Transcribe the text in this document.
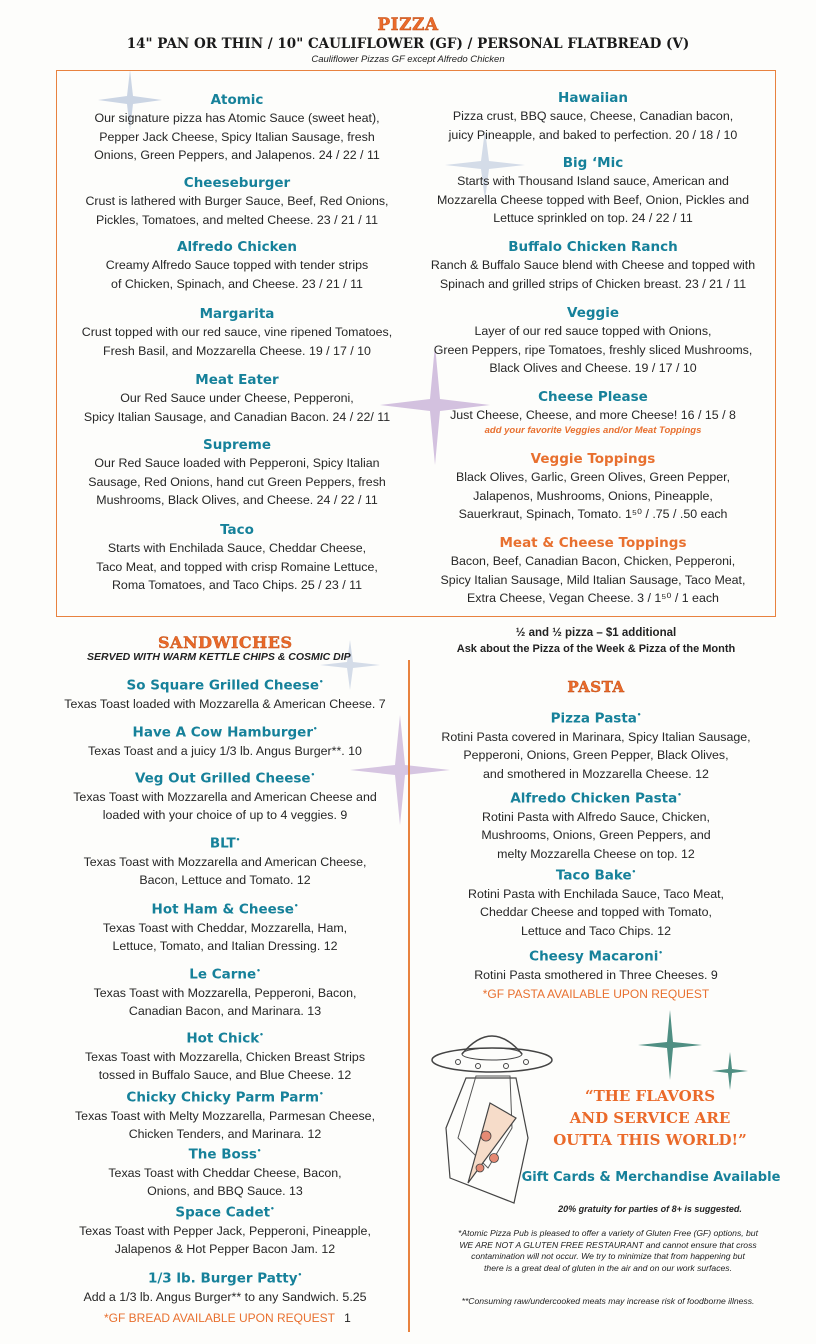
PIZZA
14" PAN OR THIN / 10" CAULIFLOWER (GF) / PERSONAL FLATBREAD (V)
Cauliflower Pizzas GF except Alfredo Chicken
Atomic
Our signature pizza has Atomic Sauce (sweet heat),
Pepper Jack Cheese, Spicy Italian Sausage, fresh
Onions, Green Peppers, and Jalapenos. 24 / 22 / 11
Cheeseburger
Crust is lathered with Burger Sauce, Beef, Red Onions,
Pickles, Tomatoes, and melted Cheese. 23 / 21 / 11
Alfredo Chicken
Creamy Alfredo Sauce topped with tender strips
of Chicken, Spinach, and Cheese. 23 / 21 / 11
Margarita
Crust topped with our red sauce, vine ripened Tomatoes,
Fresh Basil, and Mozzarella Cheese. 19 / 17 / 10
Meat Eater
Our Red Sauce under Cheese, Pepperoni,
Spicy Italian Sausage, and Canadian Bacon. 24 / 22/ 11
Supreme
Our Red Sauce loaded with Pepperoni, Spicy Italian
Sausage, Red Onions, hand cut Green Peppers, fresh
Mushrooms, Black Olives, and Cheese. 24 / 22 / 11
Taco
Starts with Enchilada Sauce, Cheddar Cheese,
Taco Meat, and topped with crisp Romaine Lettuce,
Roma Tomatoes, and Taco Chips. 25 / 23 / 11
Hawaiian
Pizza crust, BBQ sauce, Cheese, Canadian bacon,
juicy Pineapple, and baked to perfection. 20 / 18 / 10
Big ‘Mic
Starts with Thousand Island sauce, American and
Mozzarella Cheese topped with Beef, Onion, Pickles and
Lettuce sprinkled on top. 24 / 22 / 11
Buffalo Chicken Ranch
Ranch & Buffalo Sauce blend with Cheese and topped with
Spinach and grilled strips of Chicken breast. 23 / 21 / 11
Veggie
Layer of our red sauce topped with Onions,
Green Peppers, ripe Tomatoes, freshly sliced Mushrooms,
Black Olives and Cheese. 19 / 17 / 10
Cheese Please
Just Cheese, Cheese, and more Cheese! 16 / 15 / 8
add your favorite Veggies and/or Meat Toppings
Veggie Toppings
Black Olives, Garlic, Green Olives, Green Pepper,
Jalapenos, Mushrooms, Onions, Pineapple,
Sauerkraut, Spinach, Tomato. 1⁵⁰ / .75 / .50 each
Meat & Cheese Toppings
Bacon, Beef, Canadian Bacon, Chicken, Pepperoni,
Spicy Italian Sausage, Mild Italian Sausage, Taco Meat,
Extra Cheese, Vegan Cheese. 3 / 1⁵⁰ / 1 each
½ and ½ pizza – $1 additional
Ask about the Pizza of the Week & Pizza of the Month
SANDWICHES
SERVED WITH WARM KETTLE CHIPS & COSMIC DIP
So Square Grilled Cheese•
Texas Toast loaded with Mozzarella & American Cheese. 7
Have A Cow Hamburger•
Texas Toast and a juicy 1/3 lb. Angus Burger**. 10
Veg Out Grilled Cheese•
Texas Toast with Mozzarella and American Cheese and
loaded with your choice of up to 4 veggies. 9
BLT•
Texas Toast with Mozzarella and American Cheese,
Bacon, Lettuce and Tomato. 12
Hot Ham & Cheese•
Texas Toast with Cheddar, Mozzarella, Ham,
Lettuce, Tomato, and Italian Dressing. 12
Le Carne•
Texas Toast with Mozzarella, Pepperoni, Bacon,
Canadian Bacon, and Marinara. 13
Hot Chick•
Texas Toast with Mozzarella, Chicken Breast Strips
tossed in Buffalo Sauce, and Blue Cheese. 12
Chicky Chicky Parm Parm•
Texas Toast with Melty Mozzarella, Parmesan Cheese,
Chicken Tenders, and Marinara. 12
The Boss•
Texas Toast with Cheddar Cheese, Bacon,
Onions, and BBQ Sauce. 13
Space Cadet•
Texas Toast with Pepper Jack, Pepperoni, Pineapple,
Jalapenos & Hot Pepper Bacon Jam. 12
1/3 lb. Burger Patty•
Add a 1/3 lb. Angus Burger** to any Sandwich. 5.25
*GF BREAD AVAILABLE UPON REQUEST 1
PASTA
Pizza Pasta•
Rotini Pasta covered in Marinara, Spicy Italian Sausage,
Pepperoni, Onions, Green Pepper, Black Olives,
and smothered in Mozzarella Cheese. 12
Alfredo Chicken Pasta•
Rotini Pasta with Alfredo Sauce, Chicken,
Mushrooms, Onions, Green Peppers, and
melty Mozzarella Cheese on top. 12
Taco Bake•
Rotini Pasta with Enchilada Sauce, Taco Meat,
Cheddar Cheese and topped with Tomato,
Lettuce and Taco Chips. 12
Cheesy Macaroni•
Rotini Pasta smothered in Three Cheeses. 9
*GF PASTA AVAILABLE UPON REQUEST
“THE FLAVORS
AND SERVICE ARE
OUTTA THIS WORLD!”
Gift Cards & Merchandise Available
20% gratuity for parties of 8+ is suggested.
*Atomic Pizza Pub is pleased to offer a variety of Gluten Free (GF) options, but
WE ARE NOT A GLUTEN FREE RESTAURANT and cannot ensure that cross
contamination will not occur. We try to minimize that from happening but
there is a great deal of gluten in the air and on our work surfaces.
**Consuming raw/undercooked meats may increase risk of foodborne illness.
